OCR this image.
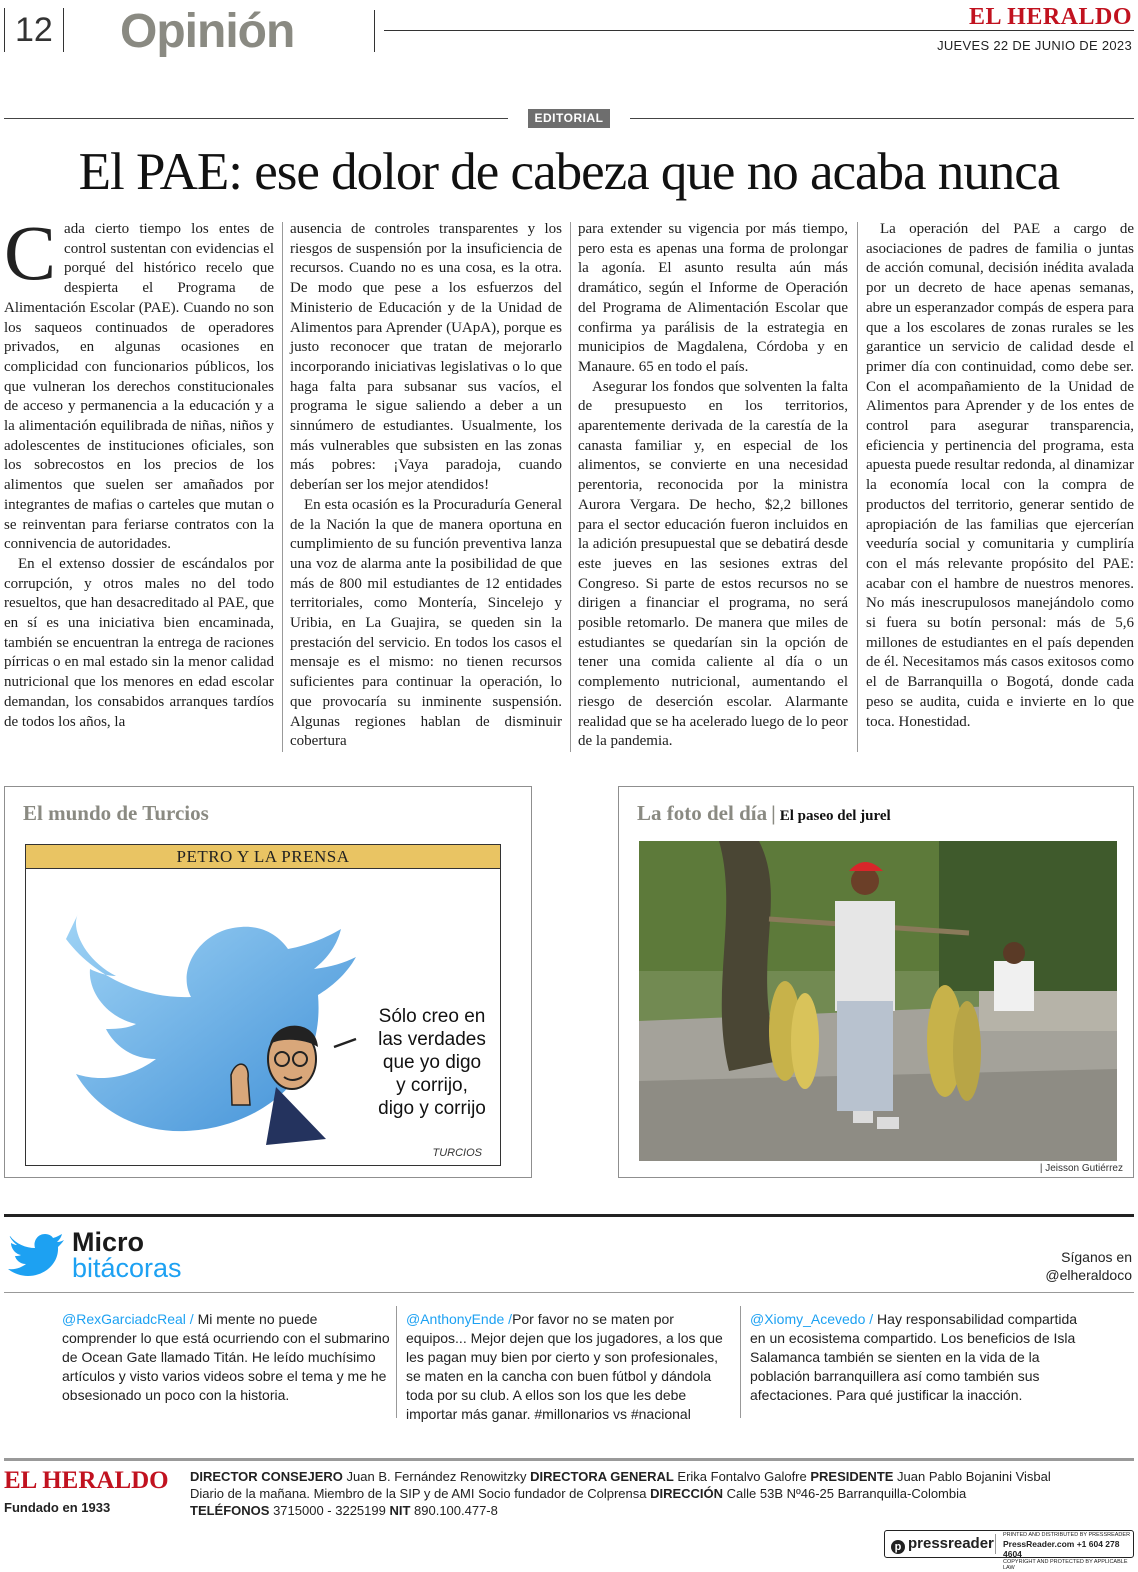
12 Opinión	EL HERALDO
JUEVES 22 DE JUNIO DE 2023
EDITORIAL
El PAE: ese dolor de cabeza que no acaba nunca

Cada cierto tiempo los entes de control sustentan con evidencias el porqué del histórico recelo que despierta el Programa de Alimentación Escolar (PAE). Cuando no son los saqueos continuados de operadores privados, en algunas ocasiones en complicidad con funcionarios públicos, los que vulneran los derechos constitucionales de acceso y permanencia a la educación y a la alimentación equilibrada de niñas, niños y adolescentes de instituciones oficiales, son los sobrecostos en los precios de los alimentos que suelen ser amañados por integrantes de mafias o carteles que mutan o se reinventan para feriarse contratos con la connivencia de autoridades.

En el extenso dossier de escándalos por corrupción, y otros males no del todo resueltos, que han desacreditado al PAE, que en sí es una iniciativa bien encaminada, también se encuentran la entrega de raciones pírricas o en mal estado sin la menor calidad nutricional que los menores en edad escolar demandan, los consabidos arranques tardíos de todos los años, la

ausencia de controles transparentes y los riesgos de suspensión por la insuficiencia de recursos. Cuando no es una cosa, es la otra. De modo que pese a los esfuerzos del Ministerio de Educación y de la Unidad de Alimentos para Aprender (UApA), porque es justo reconocer que tratan de mejorarlo incorporando iniciativas legislativas o lo que haga falta para subsanar sus vacíos, el programa le sigue saliendo a deber a un sinnúmero de estudiantes. Usualmente, los más vulnerables que subsisten en las zonas más pobres: ¡Vaya paradoja, cuando deberían ser los mejor atendidos!

En esta ocasión es la Procuraduría General de la Nación la que de manera oportuna en cumplimiento de su función preventiva lanza una voz de alarma ante la posibilidad de que más de 800 mil estudiantes de 12 entidades territoriales, como Montería, Sincelejo y Uribia, en La Guajira, se queden sin la prestación del servicio. En todos los casos el mensaje es el mismo: no tienen recursos suficientes para continuar la operación, lo que provocaría su inminente suspensión. Algunas regiones hablan de disminuir cobertura

para extender su vigencia por más tiempo, pero esta es apenas una forma de prolongar la agonía. El asunto resulta aún más dramático, según el Informe de Operación del Programa de Alimentación Escolar que confirma ya parálisis de la estrategia en municipios de Magdalena, Córdoba y en Manaure. 65 en todo el país.

Asegurar los fondos que solventen la falta de presupuesto en los territorios, aparentemente derivada de la carestía de la canasta familiar y, en especial de los alimentos, se convierte en una necesidad perentoria, reconocida por la ministra Aurora Vergara. De hecho, $2,2 billones para el sector educación fueron incluidos en la adición presupuestal que se debatirá desde este jueves en las sesiones extras del Congreso. Si parte de estos recursos no se dirigen a financiar el programa, no será posible retomarlo. De manera que miles de estudiantes se quedarían sin la opción de tener una comida caliente al día o un complemento nutricional, aumentando el riesgo de deserción escolar. Alarmante realidad que se ha acelerado luego de lo peor de la pandemia.

La operación del PAE a cargo de asociaciones de padres de familia o juntas de acción comunal, decisión inédita avalada por un decreto de hace apenas semanas, abre un esperanzador compás de espera para que a los escolares de zonas rurales se les garantice un servicio de calidad desde el primer día con continuidad, como debe ser. Con el acompañamiento de la Unidad de Alimentos para Aprender y de los entes de control para asegurar transparencia, eficiencia y pertinencia del programa, esta apuesta puede resultar redonda, al dinamizar la economía local con la compra de productos del territorio, generar sentido de apropiación de las familias que ejercerían veeduría social y comunitaria y cumpliría con el más relevante propósito del PAE: acabar con el hambre de nuestros menores. No más inescrupulosos manejándolo como si fuera su botín personal: más de 5,6 millones de estudiantes en el país dependen de él. Necesitamos más casos exitosos como el de Barranquilla o Bogotá, donde cada peso se audita, cuida e invierte en lo que toca. Honestidad.

El mundo de Turcios
PETRO Y LA PRENSA
Sólo creo en
las verdades
que yo digo
y corrijo,
digo y corrijo
TURCIOS
La foto del día | El paseo del jurel
| Jeisson Gutiérrez
Micro
bitácoras	Síganos en
@elheraldoco
@RexGarciadcReal / Mi mente no puede comprender lo que está ocurriendo con el submarino de Ocean Gate llamado Titán. He leído muchísimo artículos y visto varios videos sobre el tema y me he obsesionado un poco con la historia.
@AnthonyEnde /Por favor no se maten por equipos... Mejor dejen que los jugadores, a los que les pagan muy bien por cierto y son profesionales, se maten en la cancha con buen fútbol y dándola toda por su club. A ellos son los que les debe importar más ganar. #millonarios vs #nacional
@Xiomy_Acevedo / Hay responsabilidad compartida en un ecosistema compartido. Los beneficios de Isla Salamanca también se sienten en la vida de la población barranquillera así como también sus afectaciones. Para qué justificar la inacción.
EL HERALDO
Fundado en 1933
DIRECTOR CONSEJERO Juan B. Fernández Renowitzky DIRECTORA GENERAL Erika Fontalvo Galofre PRESIDENTE Juan Pablo Bojanini Visbal
Diario de la mañana. Miembro de la SIP y de AMI Socio fundador de Colprensa DIRECCIÓN Calle 53B Nº46-25 Barranquilla-Colombia
TELÉFONOS 3715000 - 3225199 NIT 890.100.477-8
p pressreader PRINTED AND DISTRIBUTED BY PRESSREADER
PressReader.com +1 604 278 4604
COPYRIGHT AND PROTECTED BY APPLICABLE LAW
